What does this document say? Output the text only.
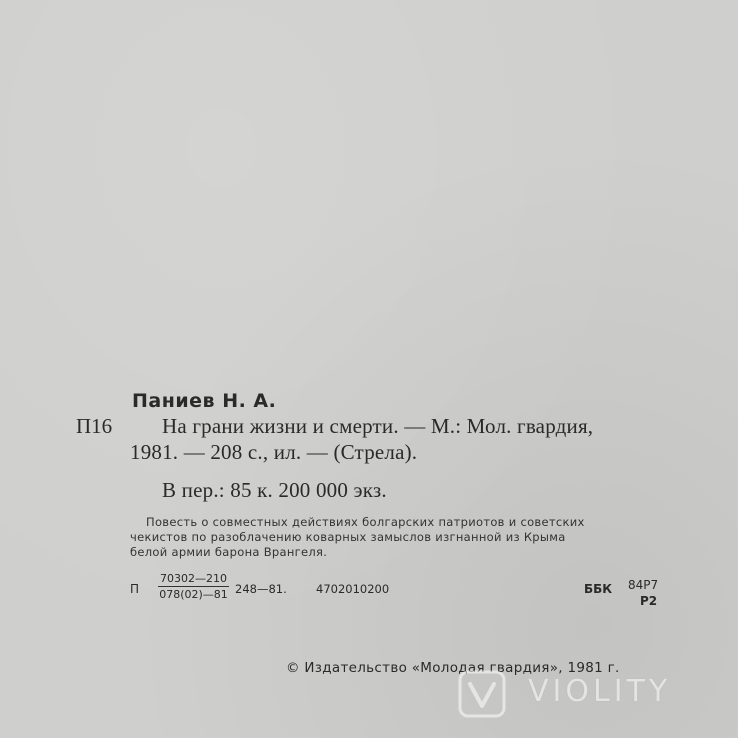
Паниев Н. А.
П16 На грани жизни и смерти. — М.: Мол. гвардия,
1981. — 208 с., ил. — (Стрела).
В пер.: 85 к. 200 000 экз.
Повесть о совместных действиях болгарских патриотов и советских
чекистов по разоблачению коварных замыслов изгнанной из Крыма
белой армии барона Врангеля.
П $\frac{70302—210}{078(02)—81}$ 248—81.	4702010200	ББК 84Р7
Р2
© Издательство «Молодая гвардия», 1981 г.
VIOLITY
